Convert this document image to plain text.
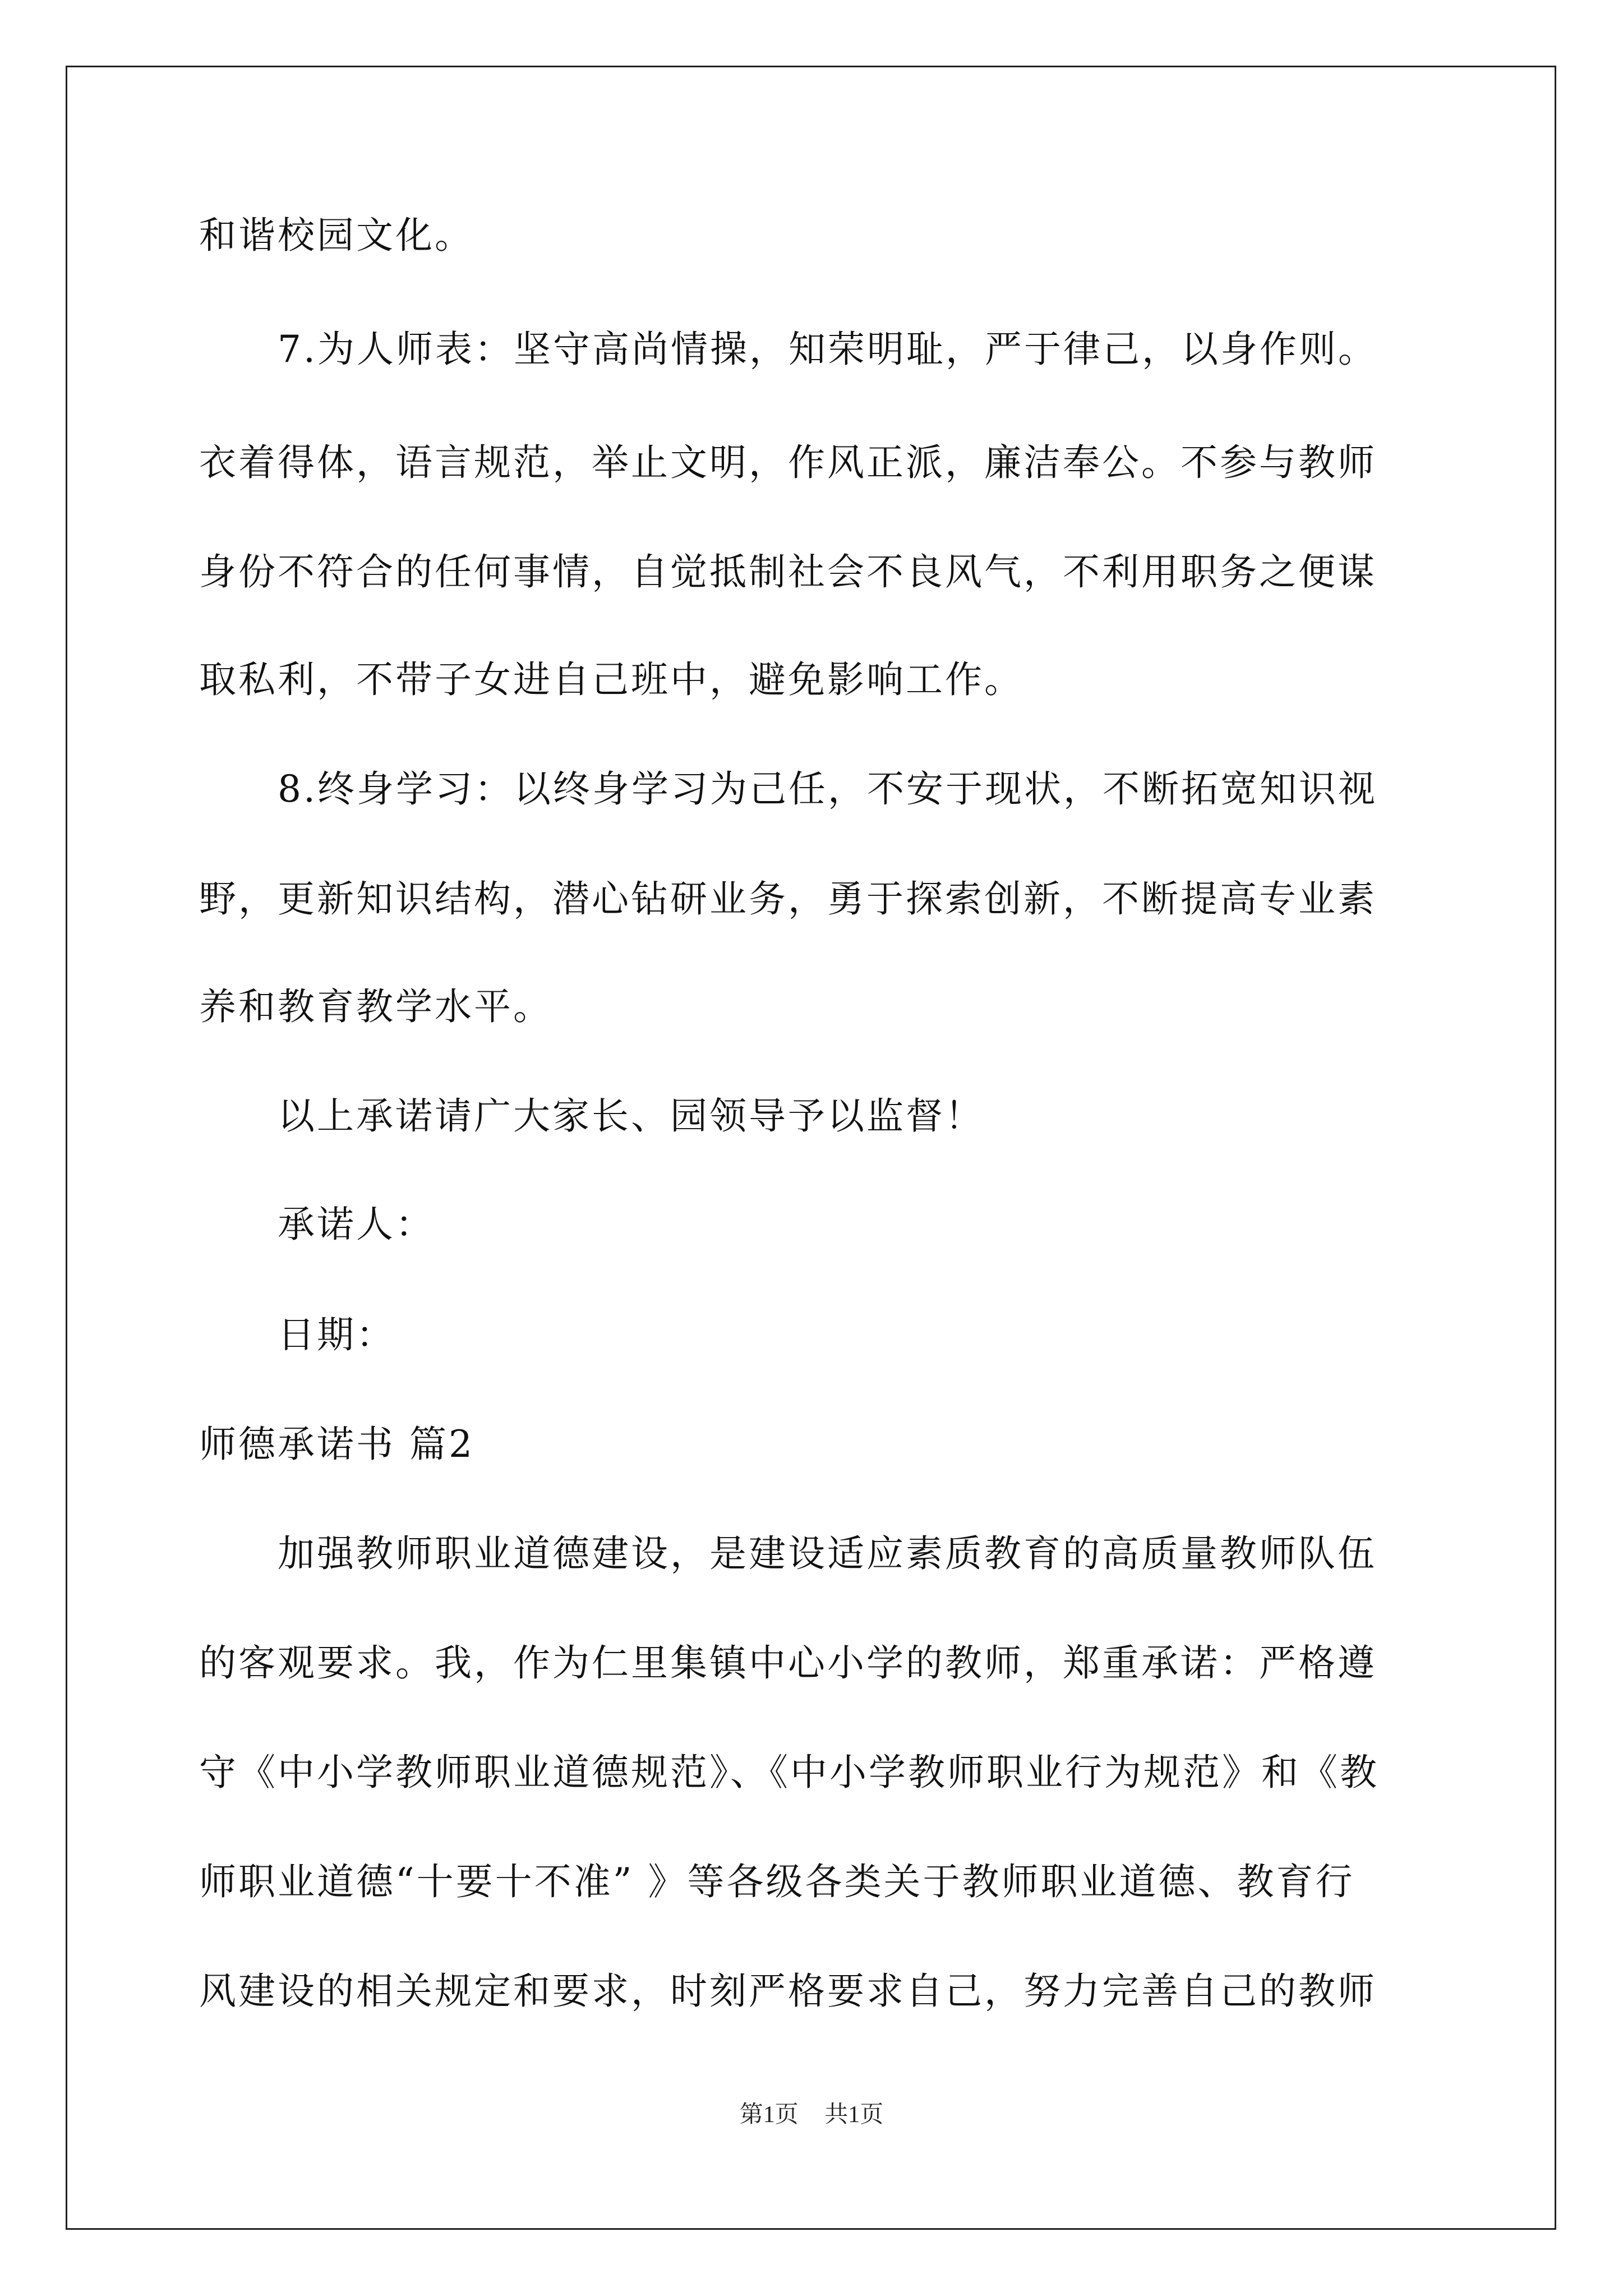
和谐校园文化。
7.为人师表：坚守高尚情操，知荣明耻，严于律己，以身作则。
衣着得体，语言规范，举止文明，作风正派，廉洁奉公。不参与教师
身份不符合的任何事情，自觉抵制社会不良风气，不利用职务之便谋
取私利，不带子女进自己班中，避免影响工作。
8.终身学习：以终身学习为己任，不安于现状，不断拓宽知识视
野，更新知识结构，潜心钻研业务，勇于探索创新，不断提高专业素
养和教育教学水平。
以上承诺请广大家长、园领导予以监督！
承诺人：
日期：
师德承诺书 篇2
加强教师职业道德建设，是建设适应素质教育的高质量教师队伍
的客观要求。我，作为仁里集镇中心小学的教师，郑重承诺：严格遵
守《中小学教师职业道德规范》、《中小学教师职业行为规范》和《教
师职业道德“十要十不准” 》等各级各类关于教师职业道德、教育行
风建设的相关规定和要求，时刻严格要求自己，努力完善自己的教师
第1页 共1页
